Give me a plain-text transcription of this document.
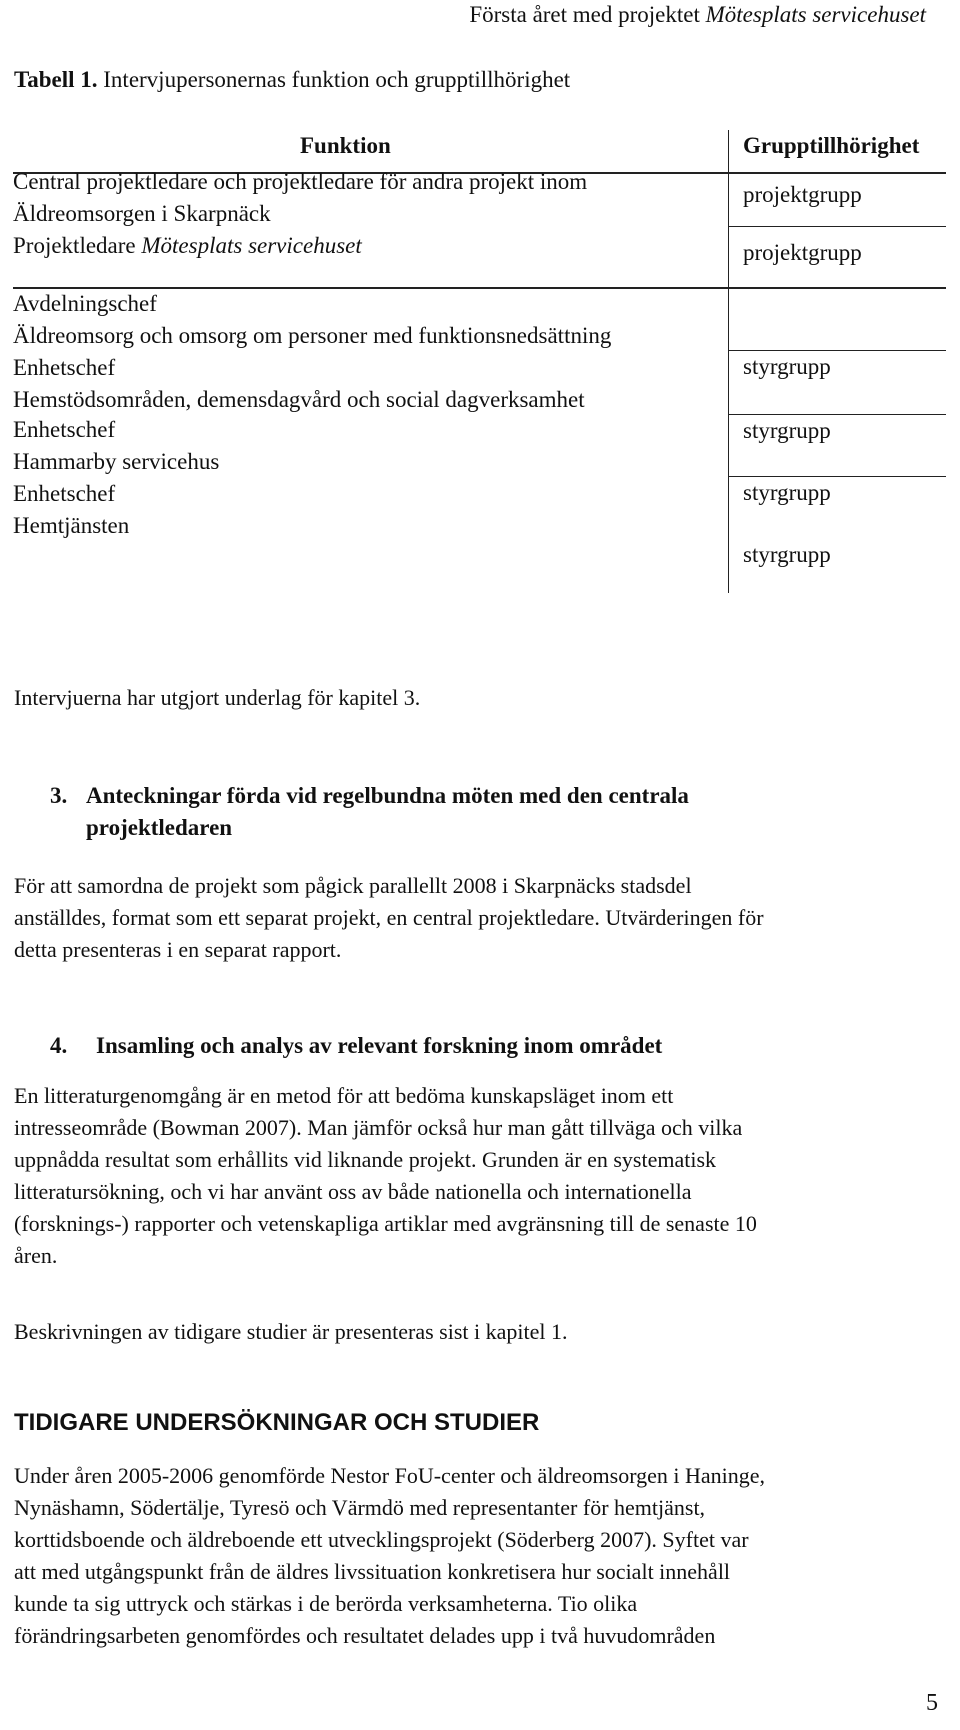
Första året med projektet Mötesplats servicehuset
Tabell 1. Intervjupersonernas funktion och grupptillhörighet
Funktion	Grupptillhörighet
Central projektledare och projektledare för andra projekt inom
Äldreomsorgen i Skarpnäck
projektgrupp
Projektledare Mötesplats servicehuset	projektgrupp
Avdelningschef
Äldreomsorg och omsorg om personer med funktionsnedsättning
styrgrupp
Enhetschef
Hemstödsområden, demensdagvård och social dagverksamhet
styrgrupp
Enhetschef
Hammarby servicehus
styrgrupp
Enhetschef
Hemtjänsten
styrgrupp
Intervjuerna har utgjort underlag för kapitel 3.
3. Anteckningar förda vid regelbundna möten med den centrala
projektledaren
För att samordna de projekt som pågick parallellt 2008 i Skarpnäcks stadsdel
anställdes, format som ett separat projekt, en central projektledare. Utvärderingen för
detta presenteras i en separat rapport.
4. Insamling och analys av relevant forskning inom området
En litteraturgenomgång är en metod för att bedöma kunskapsläget inom ett
intresseområde (Bowman 2007). Man jämför också hur man gått tillväga och vilka
uppnådda resultat som erhållits vid liknande projekt. Grunden är en systematisk
litteratursökning, och vi har använt oss av både nationella och internationella
(forsknings-) rapporter och vetenskapliga artiklar med avgränsning till de senaste 10
åren.
Beskrivningen av tidigare studier är presenteras sist i kapitel 1.
TIDIGARE UNDERSÖKNINGAR OCH STUDIER
Under åren 2005-2006 genomförde Nestor FoU-center och äldreomsorgen i Haninge,
Nynäshamn, Södertälje, Tyresö och Värmdö med representanter för hemtjänst,
korttidsboende och äldreboende ett utvecklingsprojekt (Söderberg 2007). Syftet var
att med utgångspunkt från de äldres livssituation konkretisera hur socialt innehåll
kunde ta sig uttryck och stärkas i de berörda verksamheterna. Tio olika
förändringsarbeten genomfördes och resultatet delades upp i två huvudområden
5
